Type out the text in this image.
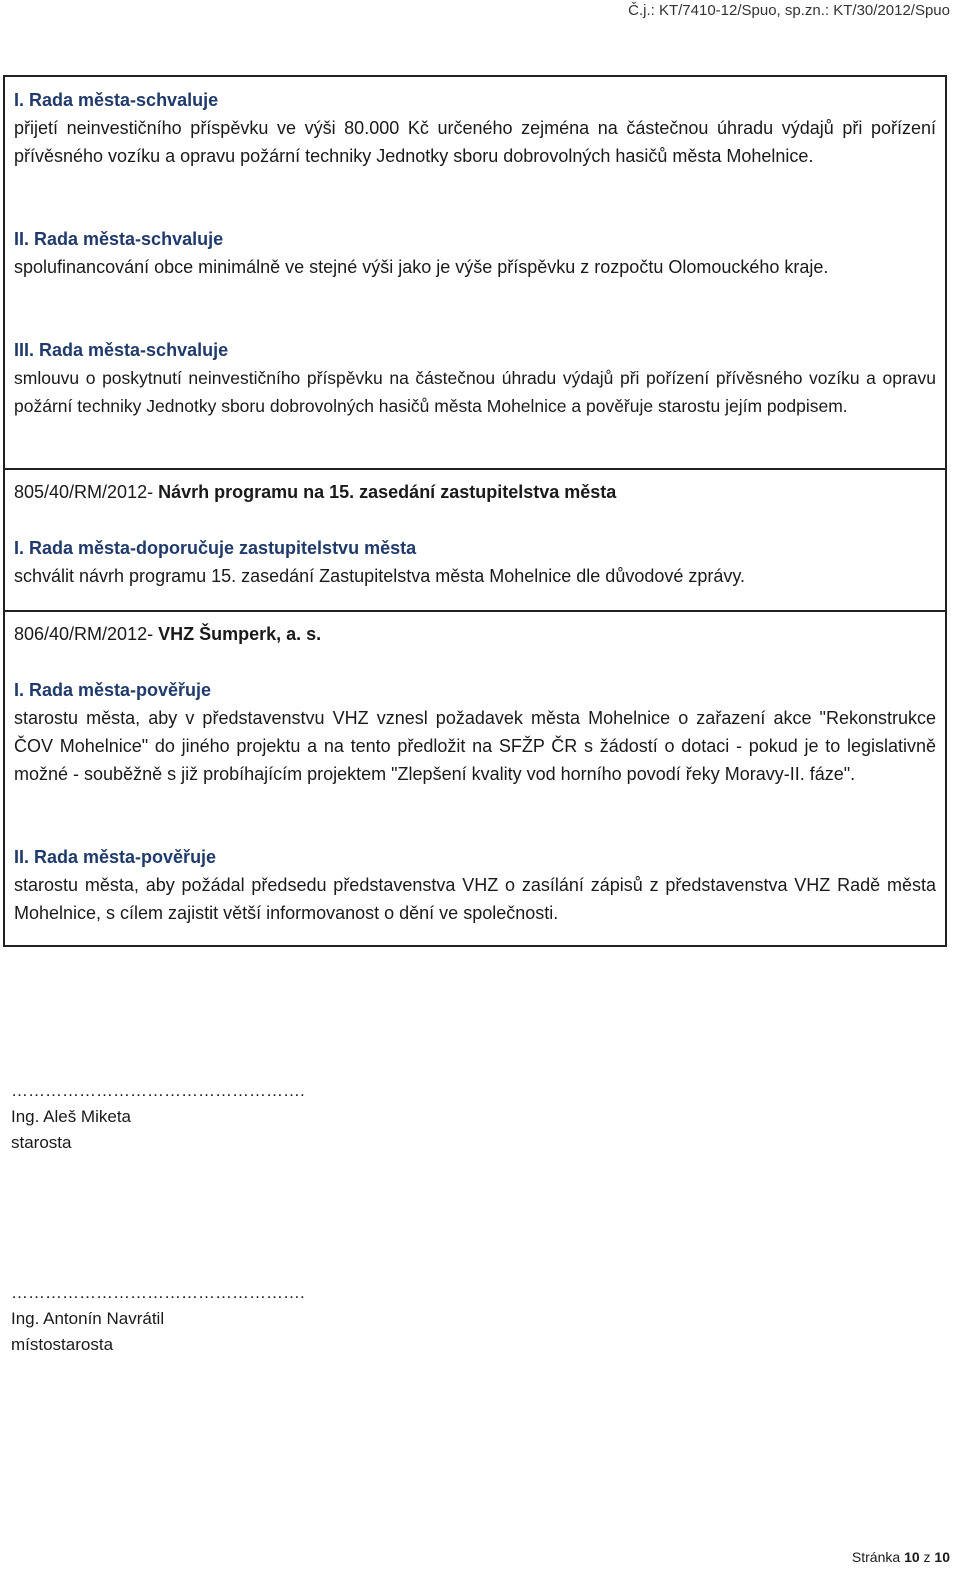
Č.j.: KT/7410-12/Spuo, sp.zn.: KT/30/2012/Spuo
I. Rada města-schvaluje
přijetí neinvestičního příspěvku ve výši 80.000 Kč určeného zejména na částečnou úhradu výdajů při pořízení přívěsného vozíku a opravu požární techniky Jednotky sboru dobrovolných hasičů města Mohelnice.
II. Rada města-schvaluje
spolufinancování obce minimálně ve stejné výši jako je výše příspěvku z rozpočtu Olomouckého kraje.
III. Rada města-schvaluje
smlouvu o poskytnutí neinvestičního příspěvku na částečnou úhradu výdajů při pořízení přívěsného vozíku a opravu požární techniky Jednotky sboru dobrovolných hasičů města Mohelnice a pověřuje starostu jejím podpisem.
805/40/RM/2012- Návrh programu na 15. zasedání zastupitelstva města
I. Rada města-doporučuje zastupitelstvu města
schválit návrh programu 15. zasedání Zastupitelstva města Mohelnice dle důvodové zprávy.
806/40/RM/2012- VHZ Šumperk, a. s.
I. Rada města-pověřuje
starostu města, aby v představenstvu VHZ vznesl požadavek města Mohelnice o zařazení akce "Rekonstrukce ČOV Mohelnice" do jiného projektu a na tento předložit na SFŽP ČR s žádostí o dotaci - pokud je to legislativně možné - souběžně s již probíhajícím projektem "Zlepšení kvality vod horního povodí řeky Moravy-II. fáze".
II. Rada města-pověřuje
starostu města, aby požádal předsedu představenstva VHZ o zasílání zápisů z představenstva VHZ Radě města Mohelnice, s cílem zajistit větší informovanost o dění ve společnosti.
…………………………………………….
Ing. Aleš Miketa
starosta
…………………………………………….
Ing. Antonín Navrátil
místostarosta
Stránka 10 z 10
